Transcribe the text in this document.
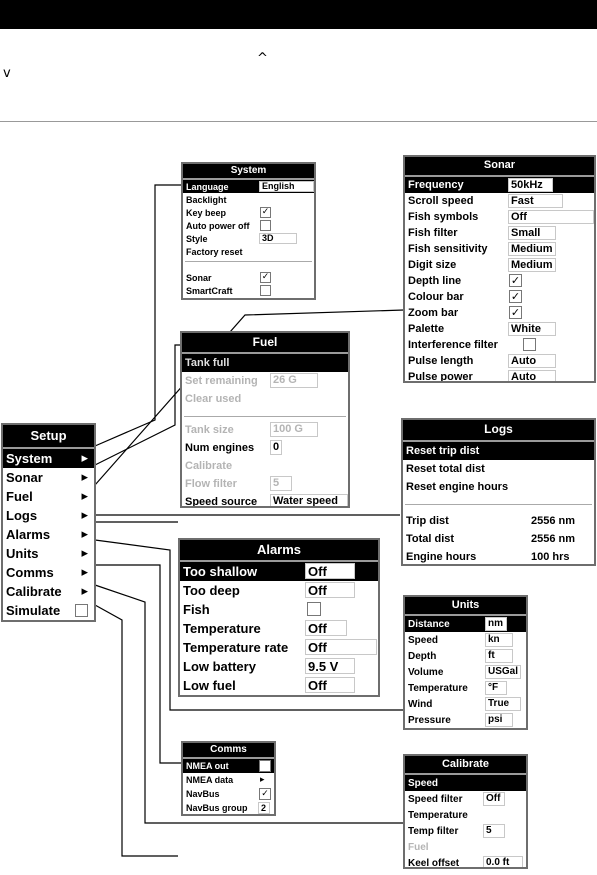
^
v
Setup
System ▸
Sonar	▸
Fuel	▸
Logs	▸
Alarms ▸
Units	▸
Comms ▸
Calibrate ▸
Simulate
System
Language	English
Backlight
Key beep	✓
Auto power off
Style	3D
Factory reset
Sonar	✓
SmartCraft
Sonar
Frequency	50kHz
Scroll speed	Fast
Fish symbols	Off
Fish filter	Small
Fish sensitivity Medium
Digit size	Medium
Depth line	✓
Colour bar	✓
Zoom bar	✓
Palette	White
Interference filter
Pulse length	Auto
Pulse power	Auto
Fuel
Tank full
Set remaining 26 G
Clear used
Tank size	100 G
Num engines 0
Calibrate
Flow filter	5
Speed source Water speed
Logs
Reset trip dist
Reset total dist
Reset engine hours
Trip dist	2556 nm
Total dist	2556 nm
Engine hours	100 hrs
Alarms
Too shallow	Off
Too deep	Off
Fish
Temperature	Off
Temperature rate Off
Low battery	9.5 V
Low fuel	Off
Units
Distance	nm
Speed	kn
Depth	ft
Volume	USGal
Temperature	°F
Wind	True
Pressure	psi
Comms
NMEA out
NMEA data	▸
NavBus	✓
NavBus group	2
Calibrate
Speed
Speed filter	Off
Temperature
Temp filter	5
Fuel
Keel offset	0.0 ft
